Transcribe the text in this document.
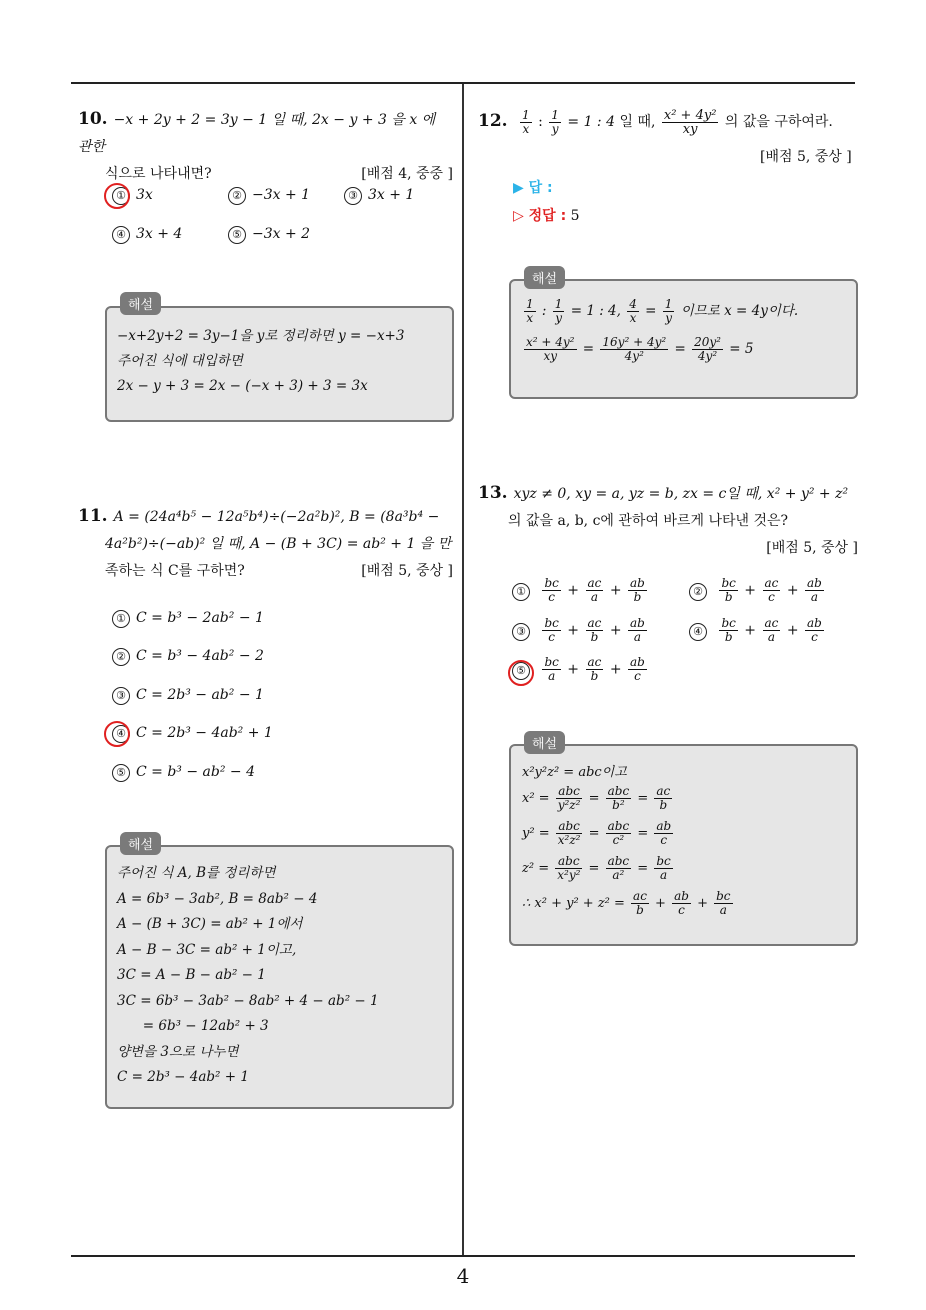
4
10. −x + 2y + 2 = 3y − 1 일 때, 2x − y + 3 을 x 에 관한
식으로 나타내면?	[배점 4, 중중 ]
① 3x	② −3x + 1	③ 3x + 1
④ 3x + 4	⑤ −3x + 2
해설
−x+2y+2 = 3y−1을 y로 정리하면 y = −x+3
주어진 식에 대입하면
2x − y + 3 = 2x − (−x + 3) + 3 = 3x
11. A = (24a⁴b⁵ − 12a⁵b⁴)÷(−2a²b)², B = (8a³b⁴ −
4a²b²)÷(−ab)² 일 때, A − (B + 3C) = ab² + 1 을 만
족하는 식 C를 구하면?	[배점 5, 중상 ]
① C = b³ − 2ab² − 1
② C = b³ − 4ab² − 2
③ C = 2b³ − ab² − 1
④ C = 2b³ − 4ab² + 1
⑤ C = b³ − ab² − 4
해설
주어진 식 A, B를 정리하면
A = 6b³ − 3ab², B = 8ab² − 4
A − (B + 3C) = ab² + 1에서
A − B − 3C = ab² + 1이고,
3C = A − B − ab² − 1
3C = 6b³ − 3ab² − 8ab² + 4 − ab² − 1
= 6b³ − 12ab² + 3
양변을 3으로 나누면
C = 2b³ − 4ab² + 1
12. $\frac{1}{x}$ : $\frac{1}{y} = 1$ : 4 일 때, $\frac{\text{x² + 4y²}}{xy}$ 의 값을 구하여라.
[배점 5, 중상 ]
▶ 답 :
▷ 정답 : 5
해설
$\frac{1}{x}$ : $\frac{1}{y} = 1$ : 4, $\frac{4}{x} = \frac{1}{y}$ 이므로 x = 4y이다.
$\frac{\text{x² + 4y²}}{xy} = \frac{\text{16y² + 4y²}}{\text{4y²}} = \frac{\text{20y²}}{\text{4y²}} = 5$
13. xyz ≠ 0, xy = a, yz = b, zx = c일 때, x² + y² + z²
의 값을 a, b, c에 관하여 바르게 나타낸 것은?

[배점 5, 중상 ]
① $\frac{bc}{c} + \frac{ac}{a} + \frac{ab}{b}$	② $\frac{bc}{b} + \frac{ac}{c} + \frac{ab}{a}$
③ $\frac{bc}{c} + \frac{ac}{b} + \frac{ab}{a}$	④ $\frac{bc}{b} + \frac{ac}{a} + \frac{ab}{c}$
⑤ $\frac{bc}{a} + \frac{ac}{b} + \frac{ab}{c}$
해설
x²y²z² = abc이고
$x^2 = \frac{\text{abc}}{\text{y²z²}} = \frac{\text{abc}}{\text{b²}} = \frac{ac}{b}$
$y^2 = \frac{\text{abc}}{\text{x²z²}} = \frac{\text{abc}}{\text{c²}} = \frac{ab}{c}$
$z^2 = \frac{\text{abc}}{\text{x²y²}} = \frac{\text{abc}}{\text{a²}} = \frac{bc}{a}$
∴ $x^2 + y^2 + z^2 = \frac{ac}{b} + \frac{ab}{c} + \frac{bc}{a}$
